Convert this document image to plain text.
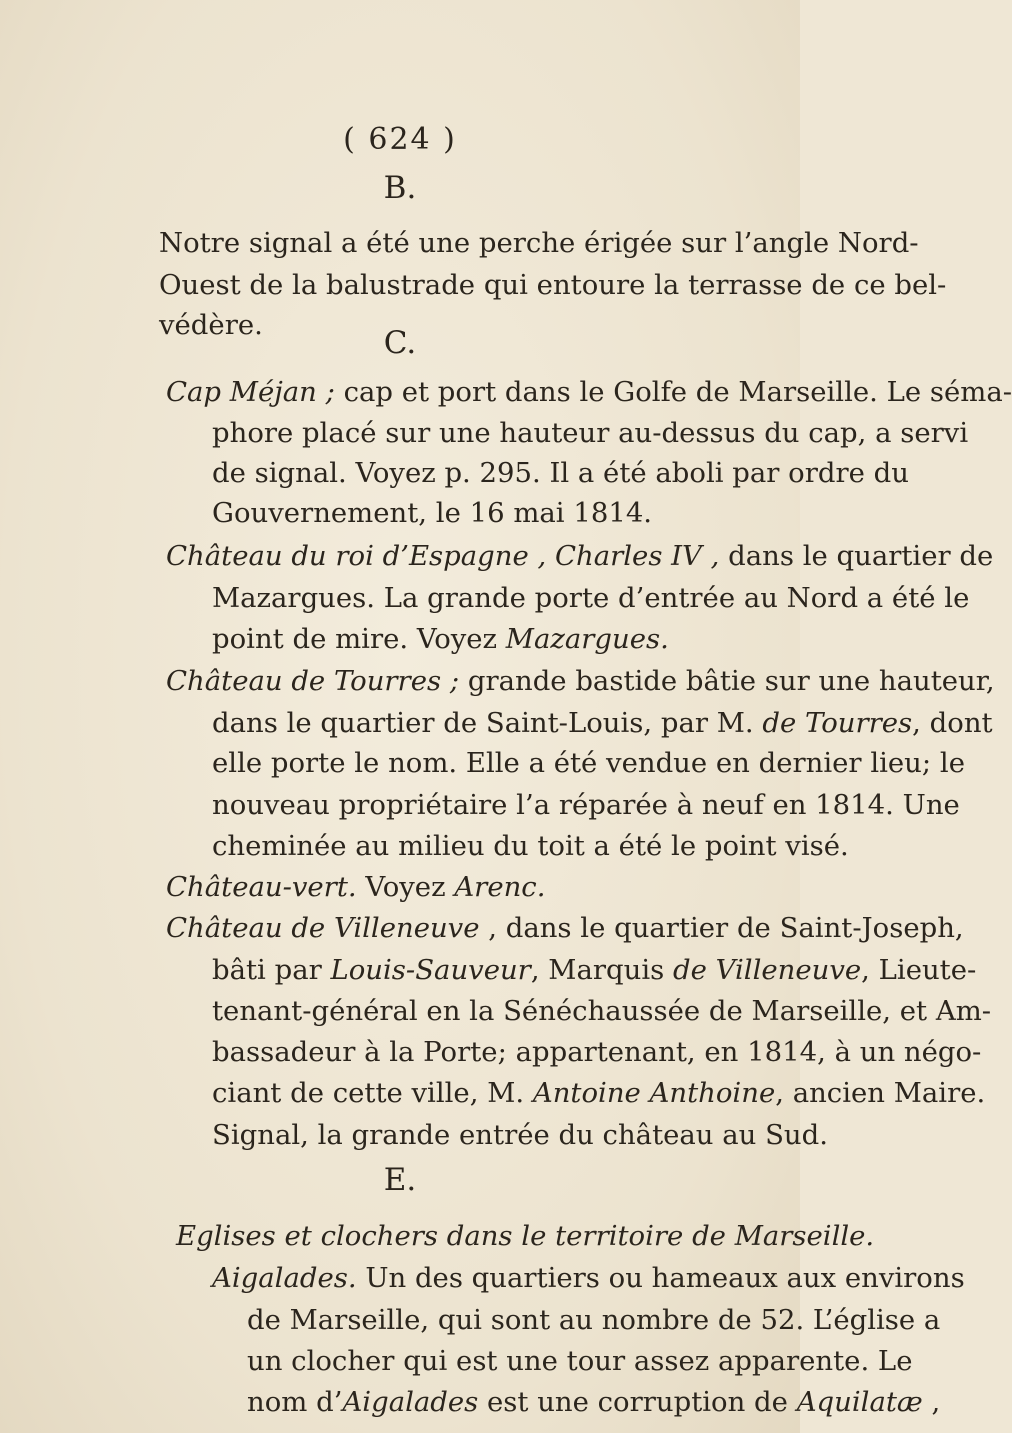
( 624 )
B.
Notre signal a été une perche érigée sur l’angle Nord-
Ouest de la balustrade qui entoure la terrasse de ce bel-
védère.	C.
Cap Méjan ; cap et port dans le Golfe de Marseille. Le séma-
phore placé sur une hauteur au-dessus du cap, a servi
de signal. Voyez p. 295. Il a été aboli par ordre du
Gouvernement, le 16 mai 1814.
Château du roi d’Espagne , Charles IV , dans le quartier de
Mazargues. La grande porte d’entrée au Nord a été le
point de mire. Voyez Mazargues.
Château de Tourres ; grande bastide bâtie sur une hauteur,
dans le quartier de Saint-Louis, par M. de Tourres, dont
elle porte le nom. Elle a été vendue en dernier lieu; le
nouveau propriétaire l’a réparée à neuf en 1814. Une
cheminée au milieu du toit a été le point visé.
Château-vert. Voyez Arenc.
Château de Villeneuve , dans le quartier de Saint-Joseph,
bâti par Louis-Sauveur, Marquis de Villeneuve, Lieute-
tenant-général en la Sénéchaussée de Marseille, et Am-
bassadeur à la Porte; appartenant, en 1814, à un négo-
ciant de cette ville, M. Antoine Anthoine, ancien Maire.
Signal, la grande entrée du château au Sud.
E.
Eglises et clochers dans le territoire de Marseille.
Aigalades. Un des quartiers ou hameaux aux environs
de Marseille, qui sont au nombre de 52. L’église a
un clocher qui est une tour assez apparente. Le
nom d’Aigalades est une corruption de Aquilatæ ,
